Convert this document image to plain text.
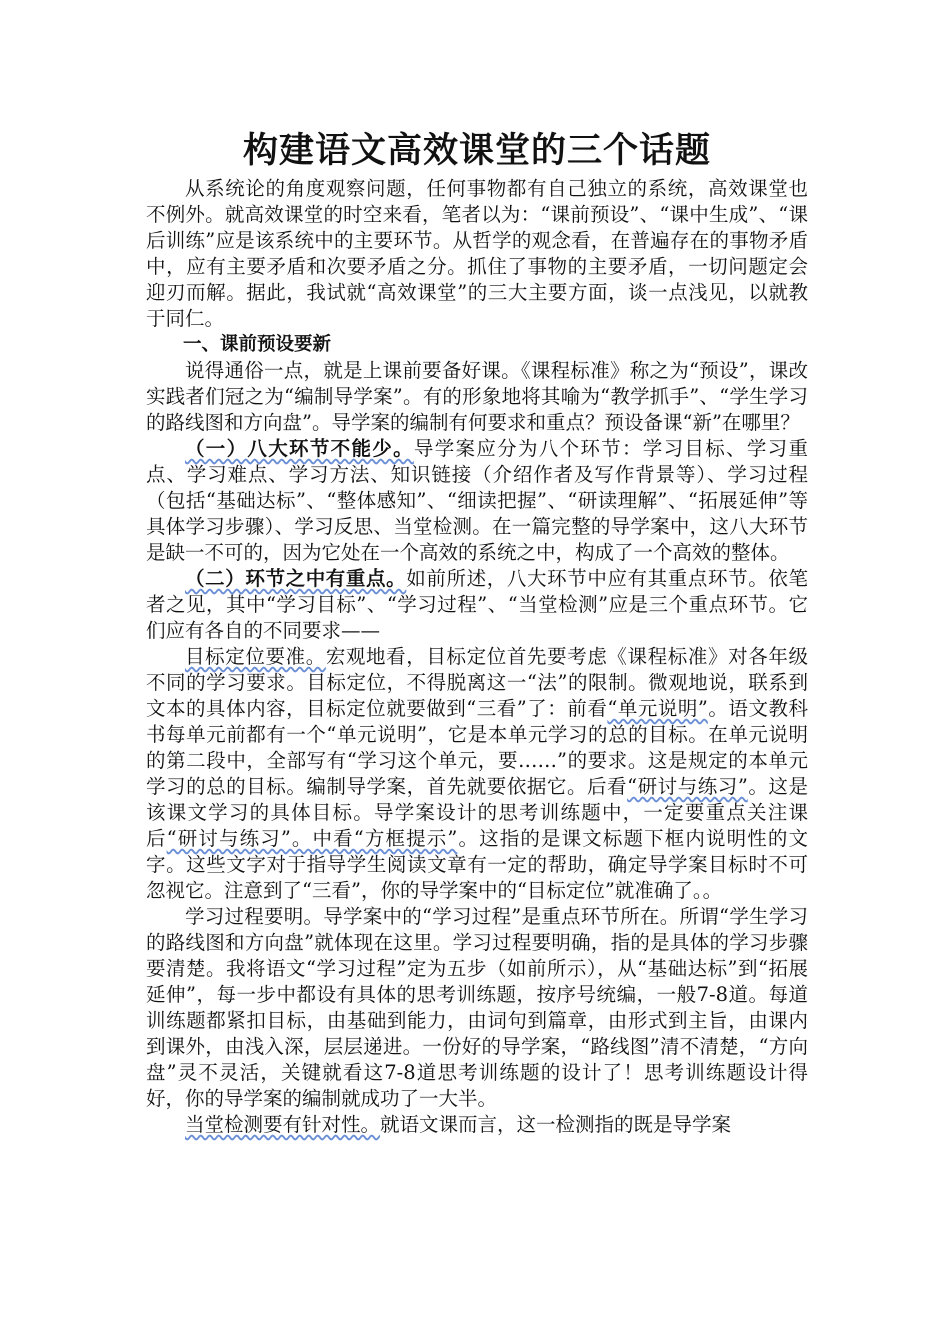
构建语文高效课堂的三个话题

从系统论的角度观察问题，任何事物都有自己独立的系统，高效课堂也不例外。就高效课堂的时空来看，笔者以为：“课前预设”、“课中生成”、“课后训练”应是该系统中的主要环节。从哲学的观念看，在普遍存在的事物矛盾中，应有主要矛盾和次要矛盾之分。抓住了事物的主要矛盾，一切问题定会迎刃而解。据此，我试就“高效课堂”的三大主要方面，谈一点浅见，以就教于同仁。

一、课前预设要新

说得通俗一点，就是上课前要备好课。《课程标准》称之为“预设”，课改实践者们冠之为“编制导学案”。有的形象地将其喻为“教学抓手”、“学生学习的路线图和方向盘”。导学案的编制有何要求和重点？预设备课“新”在哪里？

（一）八大环节不能少。导学案应分为八个环节：学习目标、学习重点、学习难点、学习方法、知识链接（介绍作者及写作背景等）、学习过程（包括“基础达标”、“整体感知”、“细读把握”、“研读理解”、“拓展延伸”等具体学习步骤）、学习反思、当堂检测。在一篇完整的导学案中，这八大环节是缺一不可的，因为它处在一个高效的系统之中，构成了一个高效的整体。

（二）环节之中有重点。如前所述，八大环节中应有其重点环节。依笔者之见，其中“学习目标”、“学习过程”、“当堂检测”应是三个重点环节。它们应有各自的不同要求——

目标定位要准。宏观地看，目标定位首先要考虑《课程标准》对各年级不同的学习要求。目标定位，不得脱离这一“法”的限制。微观地说，联系到文本的具体内容，目标定位就要做到“三看”了：前看“单元说明”。语文教科书每单元前都有一个“单元说明”，它是本单元学习的总的目标。在单元说明的第二段中，全部写有“学习这个单元，要……”的要求。这是规定的本单元学习的总的目标。编制导学案，首先就要依据它。后看“研讨与练习”。这是该课文学习的具体目标。导学案设计的思考训练题中，一定要重点关注课后“研讨与练习”。中看“方框提示”。这指的是课文标题下框内说明性的文字。这些文字对于指导学生阅读文章有一定的帮助，确定导学案目标时不可忽视它。注意到了“三看”，你的导学案中的“目标定位”就准确了。。

学习过程要明。导学案中的“学习过程”是重点环节所在。所谓“学生学习的路线图和方向盘”就体现在这里。学习过程要明确，指的是具体的学习步骤要清楚。我将语文“学习过程”定为五步（如前所示），从“基础达标”到“拓展延伸”，每一步中都设有具体的思考训练题，按序号统编，一般7-8道。每道训练题都紧扣目标，由基础到能力，由词句到篇章，由形式到主旨，由课内到课外，由浅入深，层层递进。一份好的导学案，“路线图”清不清楚，“方向盘”灵不灵活，关键就看这7-8道思考训练题的设计了！思考训练题设计得好，你的导学案的编制就成功了一大半。

当堂检测要有针对性。就语文课而言，这一检测指的既是导学案
